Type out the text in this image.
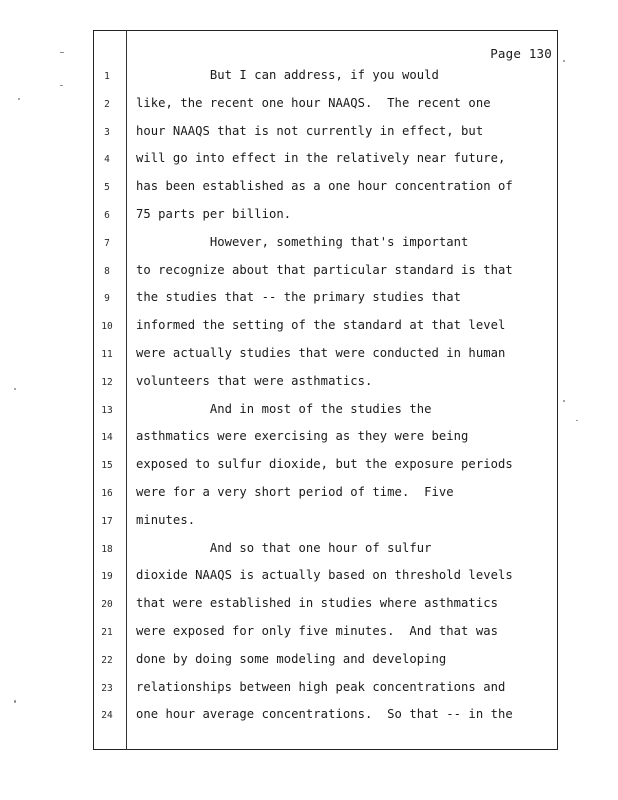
Page 130
1	But I can address, if you would
2	like, the recent one hour NAAQS.  The recent one
3	hour NAAQS that is not currently in effect, but
4	will go into effect in the relatively near future,
5	has been established as a one hour concentration of
6	75 parts per billion.
7	However, something that's important
8	to recognize about that particular standard is that
9	the studies that -- the primary studies that
10	informed the setting of the standard at that level
11	were actually studies that were conducted in human
12	volunteers that were asthmatics.
13	And in most of the studies the
14	asthmatics were exercising as they were being
15	exposed to sulfur dioxide, but the exposure periods
16	were for a very short period of time.  Five
17	minutes.
18	And so that one hour of sulfur
19	dioxide NAAQS is actually based on threshold levels
20	that were established in studies where asthmatics
21	were exposed for only five minutes.  And that was
22	done by doing some modeling and developing
23	relationships between high peak concentrations and
24	one hour average concentrations.  So that -- in the
